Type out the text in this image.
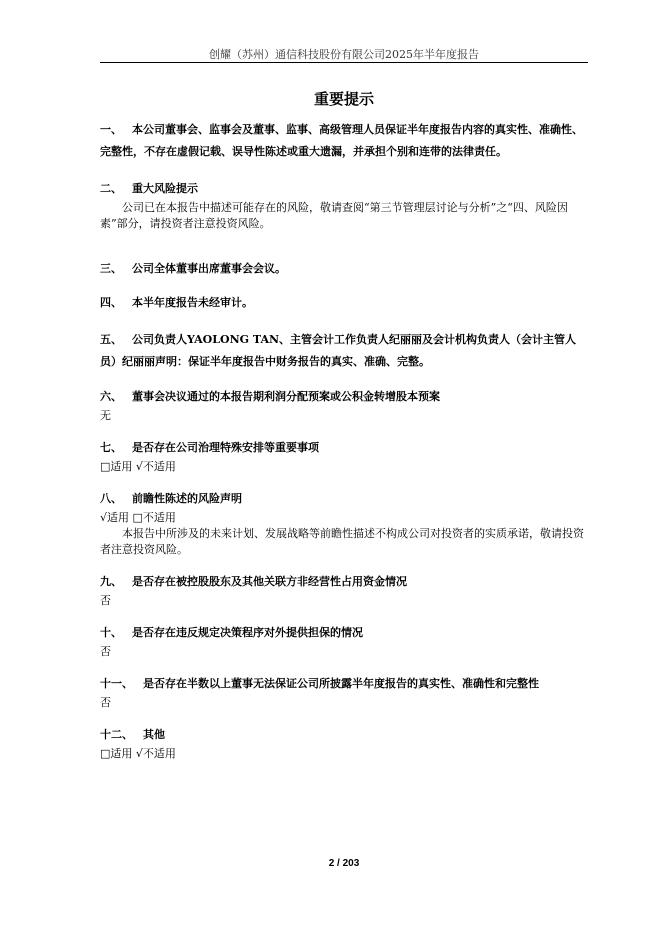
创耀（苏州）通信科技股份有限公司2025年半年度报告
重要提示
一、 本公司董事会、监事会及董事、监事、高级管理人员保证半年度报告内容的真实性、准确性、完整性，不存在虚假记载、误导性陈述或重大遗漏，并承担个别和连带的法律责任。
二、 重大风险提示
公司已在本报告中描述可能存在的风险，敬请查阅“第三节管理层讨论与分析”之“四、风险因素”部分，请投资者注意投资风险。
三、 公司全体董事出席董事会会议。
四、 本半年度报告未经审计。
五、 公司负责人YAOLONG TAN、主管会计工作负责人纪丽丽及会计机构负责人（会计主管人员）纪丽丽声明：保证半年度报告中财务报告的真实、准确、完整。
六、 董事会决议通过的本报告期利润分配预案或公积金转增股本预案
无
七、 是否存在公司治理特殊安排等重要事项
□适用 √不适用
八、 前瞻性陈述的风险声明
√适用 □不适用
本报告中所涉及的未来计划、发展战略等前瞻性描述不构成公司对投资者的实质承诺，敬请投资者注意投资风险。
九、 是否存在被控股股东及其他关联方非经营性占用资金情况
否
十、 是否存在违反规定决策程序对外提供担保的情况
否
十一、 是否存在半数以上董事无法保证公司所披露半年度报告的真实性、准确性和完整性
否
十二、 其他
□适用 √不适用
2 / 203
